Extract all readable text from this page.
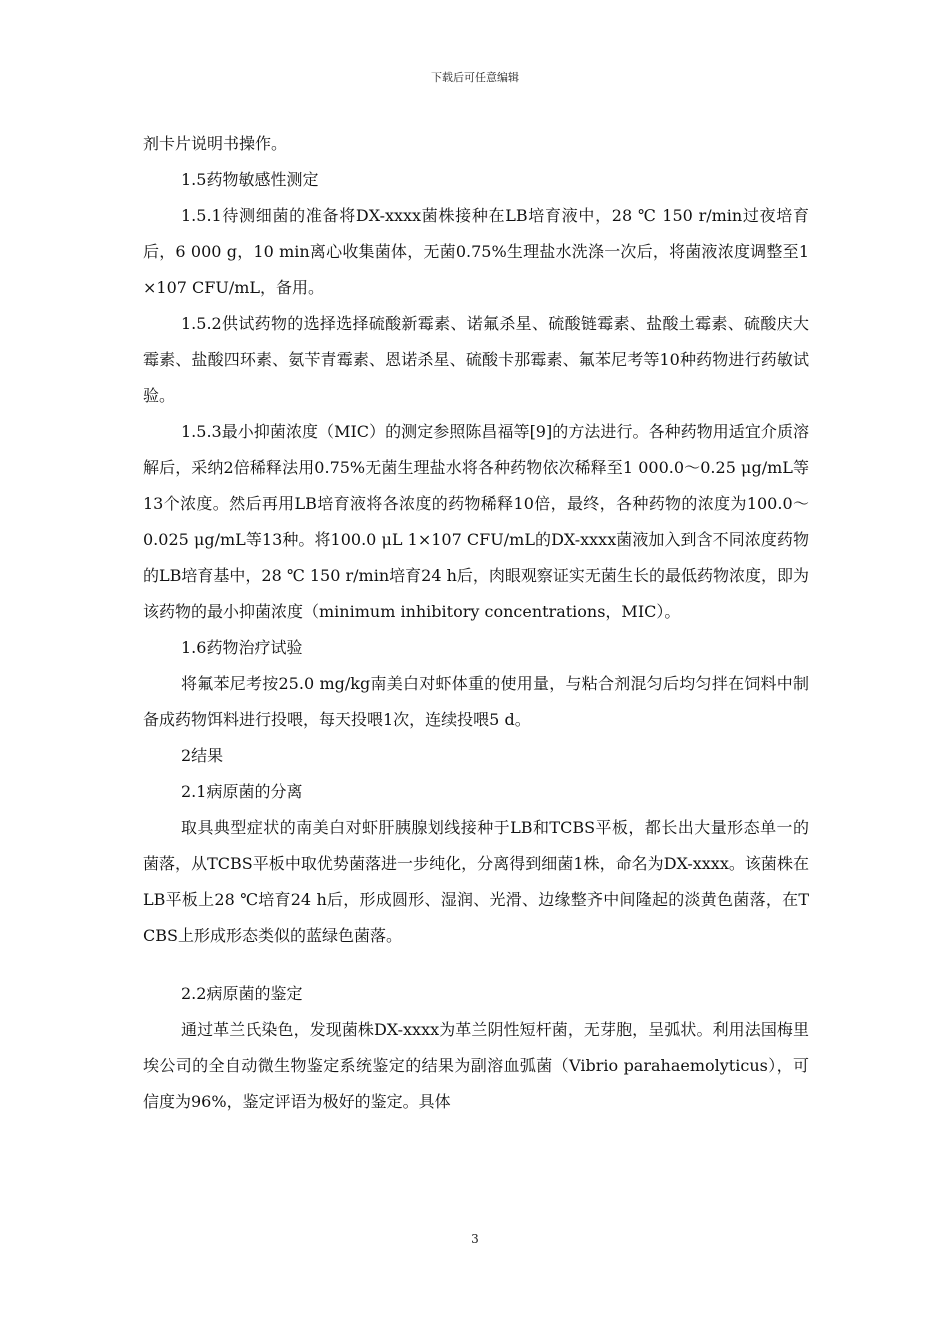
下载后可任意编辑

剂卡片说明书操作。

1.5药物敏感性测定

1.5.1待测细菌的准备将DX-xxxx菌株接种在LB培育液中，28 ℃ 150 r/min过夜培育后，6 000 g，10 min离心收集菌体，无菌0.75%生理盐水洗涤一次后，将菌液浓度调整至1×107 CFU/mL，备用。

1.5.2供试药物的选择选择硫酸新霉素、诺氟杀星、硫酸链霉素、盐酸土霉素、硫酸庆大霉素、盐酸四环素、氨苄青霉素、恩诺杀星、硫酸卡那霉素、氟苯尼考等10种药物进行药敏试验。

1.5.3最小抑菌浓度（MIC）的测定参照陈昌福等[9]的方法进行。各种药物用适宜介质溶解后，采纳2倍稀释法用0.75%无菌生理盐水将各种药物依次稀释至1 000.0～0.25 μg/mL等13个浓度。然后再用LB培育液将各浓度的药物稀释10倍，最终，各种药物的浓度为100.0～0.025 μg/mL等13种。将100.0 μL 1×107 CFU/mL的DX-xxxx菌液加入到含不同浓度药物的LB培育基中，28 ℃ 150 r/min培育24 h后，肉眼观察证实无菌生长的最低药物浓度，即为该药物的最小抑菌浓度（minimum inhibitory concentrations，MIC）。

1.6药物治疗试验

将氟苯尼考按25.0 mg/kg南美白对虾体重的使用量，与粘合剂混匀后均匀拌在饲料中制备成药物饵料进行投喂，每天投喂1次，连续投喂5 d。

2结果

2.1病原菌的分离

取具典型症状的南美白对虾肝胰腺划线接种于LB和TCBS平板，都长出大量形态单一的菌落，从TCBS平板中取优势菌落进一步纯化，分离得到细菌1株，命名为DX-xxxx。该菌株在LB平板上28 ℃培育24 h后，形成圆形、湿润、光滑、边缘整齐中间隆起的淡黄色菌落，在TCBS上形成形态类似的蓝绿色菌落。

2.2病原菌的鉴定

通过革兰氏染色，发现菌株DX-xxxx为革兰阴性短杆菌，无芽胞，呈弧状。利用法国梅里埃公司的全自动微生物鉴定系统鉴定的结果为副溶血弧菌（Vibrio parahaemolyticus），可信度为96%，鉴定评语为极好的鉴定。具体

3
